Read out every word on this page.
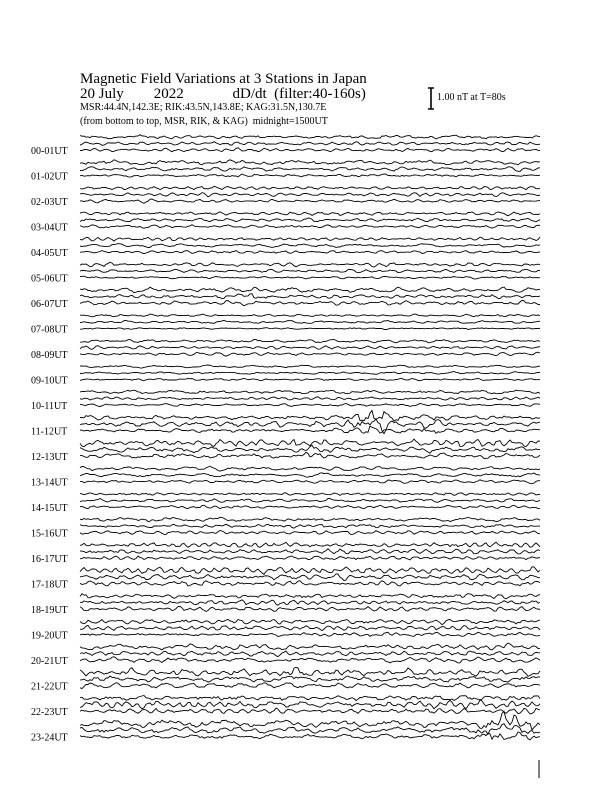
Magnetic Field Variations at 3 Stations in Japan
20 July        2022             dD/dt  (filter:40-160s)
MSR:44.4N,142.3E; RIK:43.5N,143.8E; KAG:31.5N,130.7E
(from bottom to top, MSR, RIK, & KAG)  midnight=1500UT
1.00 nT at T=80s
00-01UT
01-02UT
02-03UT
03-04UT
04-05UT
05-06UT
06-07UT
07-08UT
08-09UT
09-10UT
10-11UT
11-12UT
12-13UT
13-14UT
14-15UT
15-16UT
16-17UT
17-18UT
18-19UT
19-20UT
20-21UT
21-22UT
22-23UT
23-24UT
